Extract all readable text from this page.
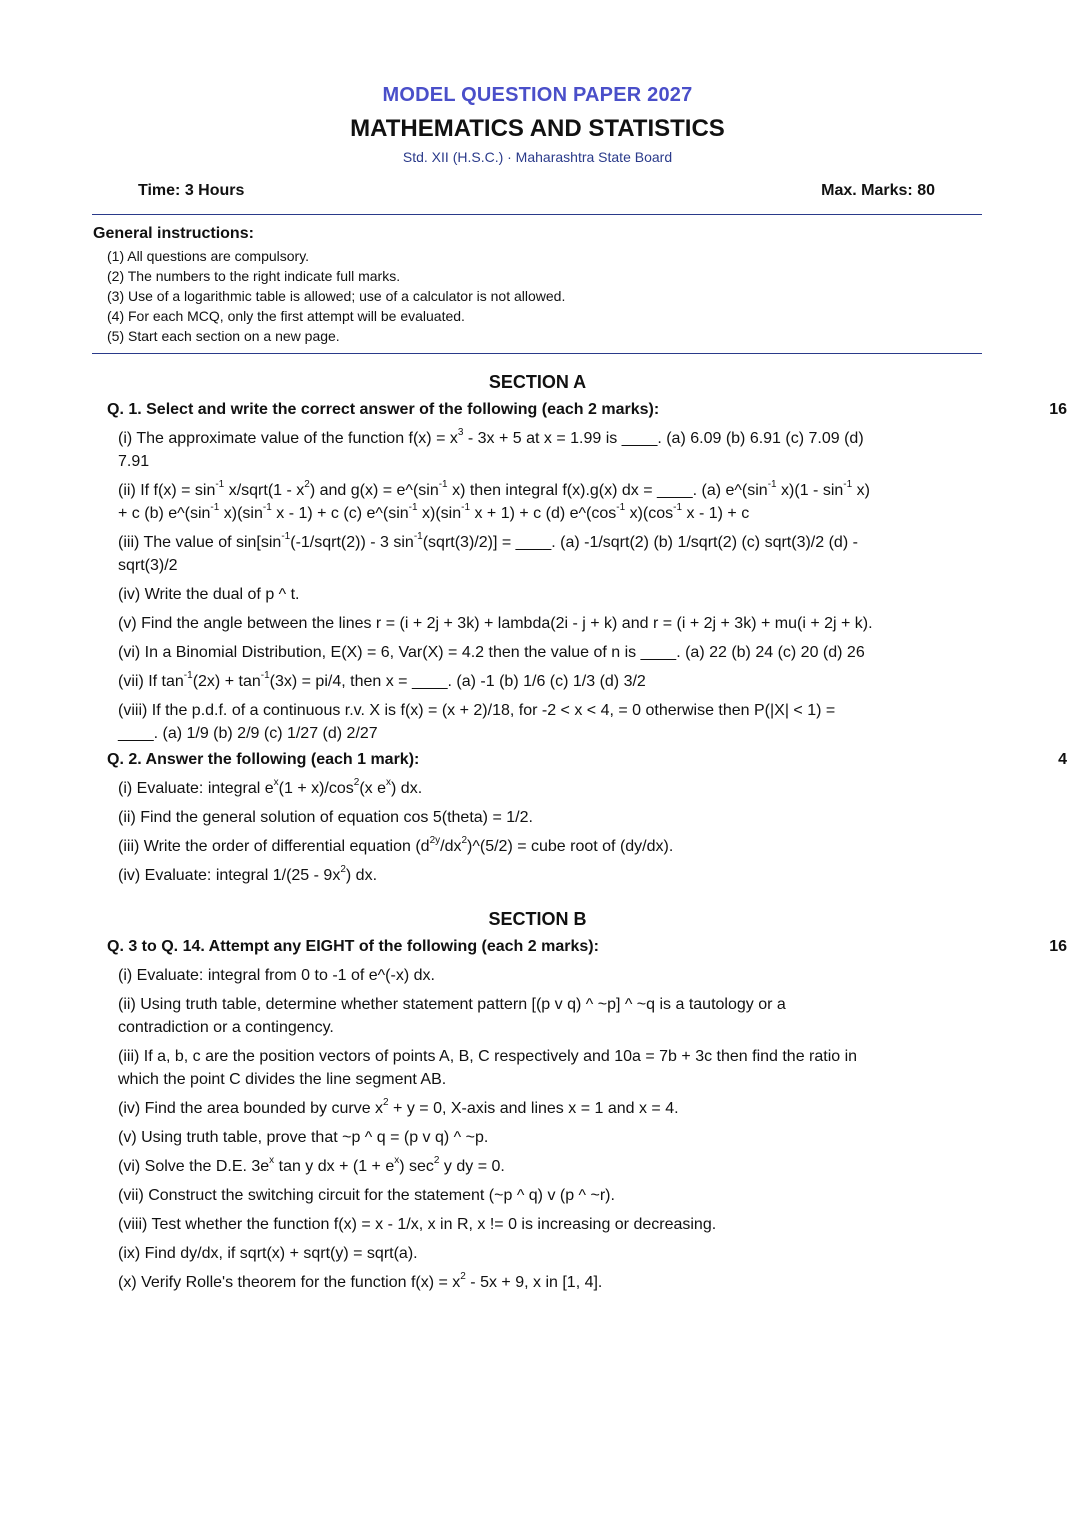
MODEL QUESTION PAPER 2027
MATHEMATICS AND STATISTICS
Std. XII (H.S.C.) · Maharashtra State Board
Time: 3 Hours	Max. Marks: 80
General instructions:
(1) All questions are compulsory.
(2) The numbers to the right indicate full marks.
(3) Use of a logarithmic table is allowed; use of a calculator is not allowed.
(4) For each MCQ, only the first attempt will be evaluated.
(5) Start each section on a new page.
SECTION A
Q. 1. Select and write the correct answer of the following (each 2 marks):	16
(i) The approximate value of the function $f(x) = x^3 - 3x + 5$ at x = 1.99 is ____. (a) 6.09 (b) 6.91 (c) 7.09 (d) 7.91
(ii) If $f(x) = \sin^{-1}$ x/sqrt(1 - $x^2$) and $g(x) = e\^{}(\sin^{-1}$ x) then integral f(x).g(x) dx = ____. (a) $e\^{}(\sin^{-1}$ $x)(1 - \sin^{-1} x) + c$ (b) $e\^{}(\sin^{-1}$ $x)(\sin^{-1}$ x - 1) + c (c) $e\^{}(\sin^{-1}$ $x)(\sin^{-1}$ x + 1) + c (d) $e\^{}(\cos^{-1}$ $x)(\cos^{-1}$ x - 1) + c
(iii) The value of $\sin[\sin^{-1}(-1/sqrt(2)) - 3$ $\sin^{-1}(sqrt(3)/2)$] = ____. (a) -1/sqrt(2) (b) 1/sqrt(2) (c) sqrt(3)/2 (d) -sqrt(3)/2
(iv) Write the dual of p ^ t.
(v) Find the angle between the lines r = (i + 2j + 3k) + lambda(2i - j + k) and r = (i + 2j + 3k) + mu(i + 2j + k).
(vi) In a Binomial Distribution, E(X) = 6, Var(X) = 4.2 then the value of n is ____. (a) 22 (b) 24 (c) 20 (d) 26
(vii) If $\tan^{-1}(2x) + \tan^{-1}(3x) = pi/4$, then x = ____. (a) -1 (b) 1/6 (c) 1/3 (d) 3/2
(viii) If the p.d.f. of a continuous r.v. X is f(x) = (x + 2)/18, for -2 < x < 4, = 0 otherwise then P(|X| < 1) = ____. (a) 1/9 (b) 2/9 (c) 1/27 (d) 2/27
Q. 2. Answer the following (each 1 mark):	4
(i) Evaluate: integral $e^x(1 + x)/\cos^2(x$ $e^x$) dx.
(ii) Find the general solution of equation cos 5(theta) = 1/2.
(iii) Write the order of differential equation $(d^{2y}/dx^2)\^{}(5/2)$ = cube root of (dy/dx).
(iv) Evaluate: integral $1/(25 - 9x^2)$ dx.
SECTION B
Q. 3 to Q. 14. Attempt any EIGHT of the following (each 2 marks):	16
(i) Evaluate: integral from 0 to -1 of e^(-x) dx.
(ii) Using truth table, determine whether statement pattern [(p v q) ^ ~p] ^ ~q is a tautology or a contradiction or a contingency.
(iii) If a, b, c are the position vectors of points A, B, C respectively and 10a = 7b + 3c then find the ratio in which the point C divides the line segment AB.
(iv) Find the area bounded by curve $x^2 + y = 0$, X-axis and lines x = 1 and x = 4.
(v) Using truth table, prove that ~p ^ q = (p v q) ^ ~p.
(vi) Solve the D.E. $3e^x$ tan y dx + $(1 + e^x)$ $\sec^2 y$ dy = 0.
(vii) Construct the switching circuit for the statement (~p ^ q) v (p ^ ~r).
(viii) Test whether the function f(x) = x - 1/x, x in R, x != 0 is increasing or decreasing.
(ix) Find dy/dx, if sqrt(x) + sqrt(y) = sqrt(a).
(x) Verify Rolle's theorem for the function $f(x) = x^2 - 5x + 9$, x in [1, 4].
